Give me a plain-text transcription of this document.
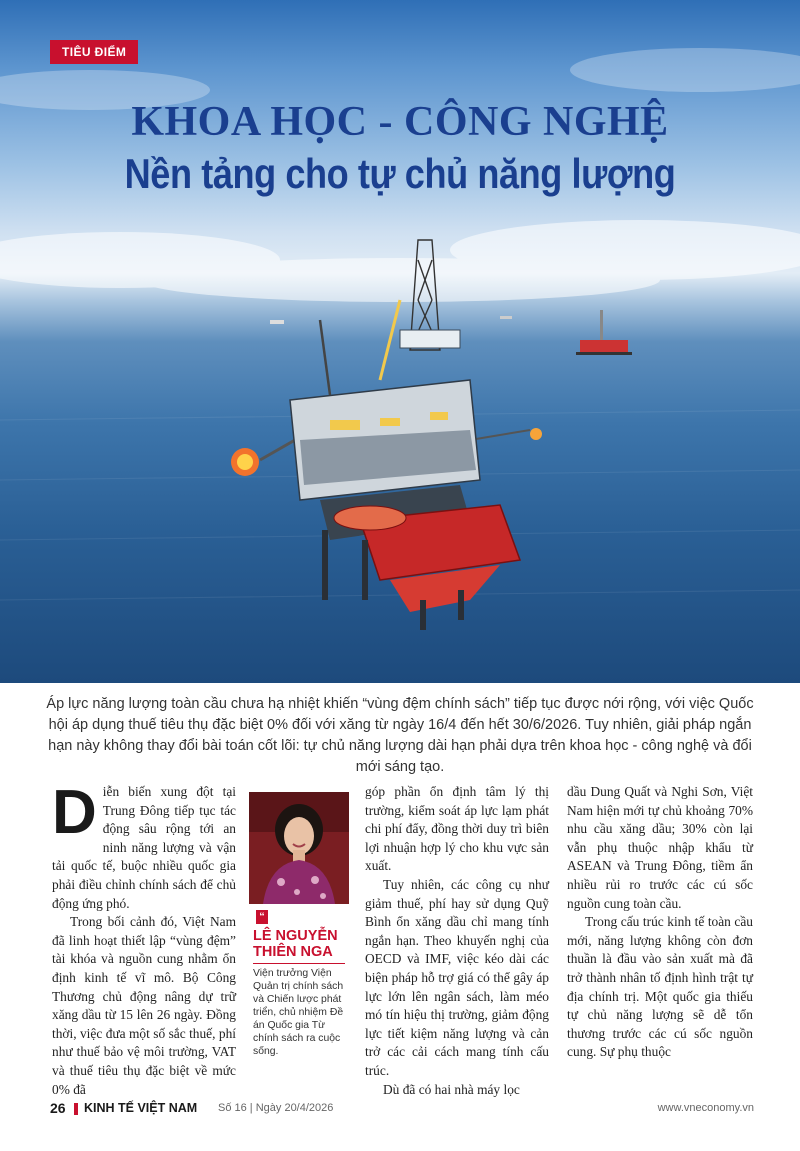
TIÊU ĐIỂM
KHOA HỌC - CÔNG NGHỆ
Nền tảng cho tự chủ năng lượng

Áp lực năng lượng toàn cầu chưa hạ nhiệt khiến “vùng đệm chính sách” tiếp tục được nới rộng, với việc Quốc hội áp dụng thuế tiêu thụ đặc biệt 0% đối với xăng từ ngày 16/4 đến hết 30/6/2026. Tuy nhiên, giải pháp ngắn hạn này không thay đổi bài toán cốt lõi: tự chủ năng lượng dài hạn phải dựa trên khoa học - công nghệ và đổi mới sáng tạo.

Diễn biến xung đột tại Trung Đông tiếp tục tác động sâu rộng tới an ninh năng lượng và vận tải quốc tế, buộc nhiều quốc gia phải điều chỉnh chính sách để chủ động ứng phó.

Trong bối cảnh đó, Việt Nam đã linh hoạt thiết lập “vùng đệm” tài khóa và nguồn cung nhằm ổn định kinh tế vĩ mô. Bộ Công Thương chủ động nâng dự trữ xăng dầu từ 15 lên 26 ngày. Đồng thời, việc đưa một số sắc thuế, phí như thuế bảo vệ môi trường, VAT và thuế tiêu thụ đặc biệt về mức 0% đã

“
LÊ NGUYỄN
THIÊN NGA

Viện trưởng Viện Quản trị chính sách và Chiến lược phát triển, chủ nhiệm Đề án Quốc gia Từ chính sách ra cuộc sống.

góp phần ổn định tâm lý thị trường, kiểm soát áp lực lạm phát chi phí đẩy, đồng thời duy trì biên lợi nhuận hợp lý cho khu vực sản xuất.

Tuy nhiên, các công cụ như giảm thuế, phí hay sử dụng Quỹ Bình ổn xăng dầu chỉ mang tính ngắn hạn. Theo khuyến nghị của OECD và IMF, việc kéo dài các biện pháp hỗ trợ giá có thể gây áp lực lớn lên ngân sách, làm méo mó tín hiệu thị trường, giảm động lực tiết kiệm năng lượng và cản trở các cải cách mang tính cấu trúc.

Dù đã có hai nhà máy lọc

dầu Dung Quất và Nghi Sơn, Việt Nam hiện mới tự chủ khoảng 70% nhu cầu xăng dầu; 30% còn lại vẫn phụ thuộc nhập khẩu từ ASEAN và Trung Đông, tiềm ẩn nhiều rủi ro trước các cú sốc nguồn cung toàn cầu.

Trong cấu trúc kinh tế toàn cầu mới, năng lượng không còn đơn thuần là đầu vào sản xuất mà đã trở thành nhân tố định hình trật tự địa chính trị. Một quốc gia thiếu tự chủ năng lượng sẽ dễ tổn thương trước các cú sốc nguồn cung. Sự phụ thuộc

26 KINH TẾ VIỆT NAM Số 16 | Ngày 20/4/2026	www.vneconomy.vn
